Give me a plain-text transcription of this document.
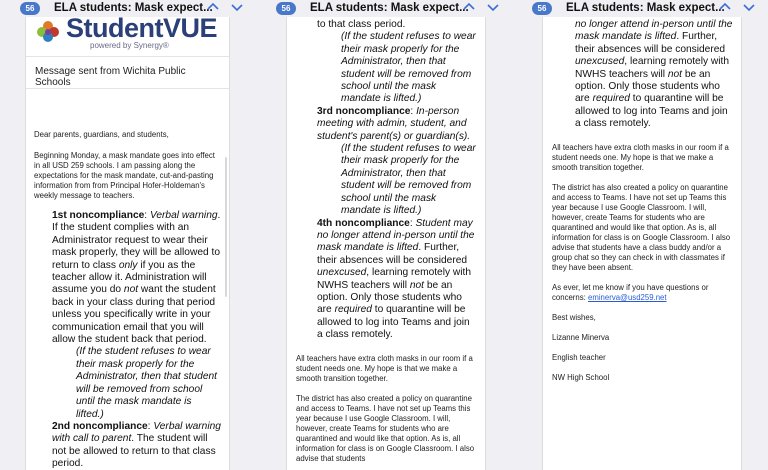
56	ELA students: Mask expect...
StudentVUE
powered by Synergy®
Message sent from Wichita Public Schools

Dear parents, guardians, and students,

Beginning Monday, a mask mandate goes into effect in all USD 259 schools. I am passing along the expectations for the mask mandate, cut-and-pasting information from from Principal Hofer-Holdeman's weekly message to teachers.

1st noncompliance: Verbal warning. If the student complies with an Administrator request to wear their mask properly, they will be allowed to return to class only if you as the teacher allow it. Administration will assume you do not want the student back in your class during that period unless you specifically write in your communication email that you will allow the student back that period.
(If the student refuses to wear their mask properly for the Administrator, then that student will be removed from school until the mask mandate is lifted.)
2nd noncompliance: Verbal warning with call to parent. The student will not be allowed to return to that class period.
56	ELA students: Mask expect...
to that class period.
(If the student refuses to wear their mask properly for the Administrator, then that student will be removed from school until the mask mandate is lifted.)
3rd noncompliance: In-person meeting with admin, student, and student's parent(s) or guardian(s).
(If the student refuses to wear their mask properly for the Administrator, then that student will be removed from school until the mask mandate is lifted.)
4th noncompliance: Student may no longer attend in-person until the mask mandate is lifted. Further, their absences will be considered unexcused, learning remotely with NWHS teachers will not be an option. Only those students who are required to quarantine will be allowed to log into Teams and join a class remotely.

All teachers have extra cloth masks in our room if a student needs one. My hope is that we make a smooth transition together.

The district has also created a policy on quarantine and access to Teams. I have not set up Teams this year because I use Google Classroom. I will, however, create Teams for students who are quarantined and would like that option. As is, all information for class is on Google Classroom. I also advise that students

56	ELA students: Mask expect...
no longer attend in-person until the mask mandate is lifted. Further, their absences will be considered unexcused, learning remotely with NWHS teachers will not be an option. Only those students who are required to quarantine will be allowed to log into Teams and join a class remotely.

All teachers have extra cloth masks in our room if a student needs one. My hope is that we make a smooth transition together.

The district has also created a policy on quarantine and access to Teams. I have not set up Teams this year because I use Google Classroom. I will, however, create Teams for students who are quarantined and would like that option. As is, all information for class is on Google Classroom. I also advise that students have a class buddy and/or a group chat so they can check in with classmates if they have been absent.

As ever, let me know if you have questions or concerns: eminerva@usd259.net

Best wishes,

Lizanne Minerva

English teacher

NW High School
